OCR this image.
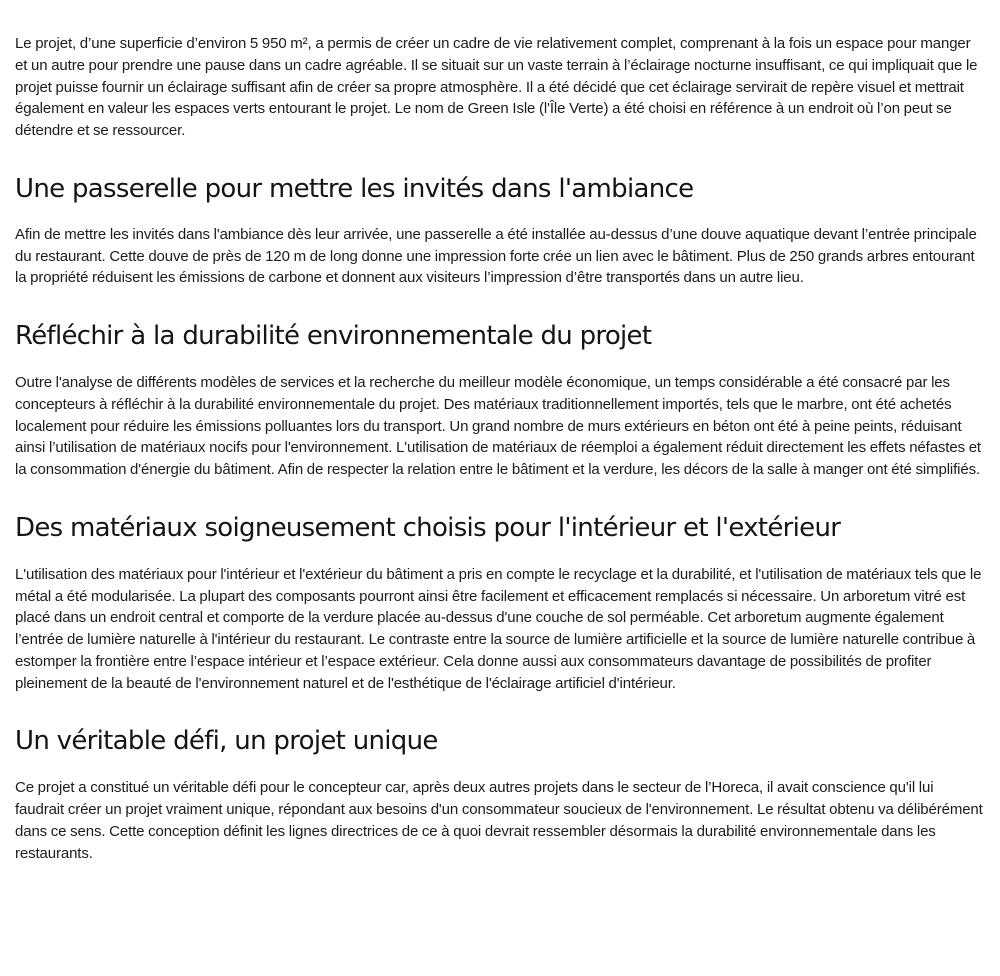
Le projet, d’une superficie d’environ 5 950 m², a permis de créer un cadre de vie relativement complet, comprenant à la fois un espace pour manger et un autre pour prendre une pause dans un cadre agréable. Il se situait sur un vaste terrain à l’éclairage nocturne insuffisant, ce qui impliquait que le projet puisse fournir un éclairage suffisant afin de créer sa propre atmosphère. Il a été décidé que cet éclairage servirait de repère visuel et mettrait également en valeur les espaces verts entourant le projet. Le nom de Green Isle (l'Île Verte) a été choisi en référence à un endroit où l’on peut se détendre et se ressourcer.

Une passerelle pour mettre les invités dans l'ambiance

Afin de mettre les invités dans l'ambiance dès leur arrivée, une passerelle a été installée au-dessus d’une douve aquatique devant l’entrée principale du restaurant. Cette douve de près de 120 m de long donne une impression forte crée un lien avec le bâtiment. Plus de 250 grands arbres entourant la propriété réduisent les émissions de carbone et donnent aux visiteurs l’impression d’être transportés dans un autre lieu.

Réfléchir à la durabilité environnementale du projet

Outre l'analyse de différents modèles de services et la recherche du meilleur modèle économique, un temps considérable a été consacré par les concepteurs à réfléchir à la durabilité environnementale du projet. Des matériaux traditionnellement importés, tels que le marbre, ont été achetés localement pour réduire les émissions polluantes lors du transport. Un grand nombre de murs extérieurs en béton ont été à peine peints, réduisant ainsi l’utilisation de matériaux nocifs pour l'environnement. L'utilisation de matériaux de réemploi a également réduit directement les effets néfastes et la consommation d'énergie du bâtiment. Afin de respecter la relation entre le bâtiment et la verdure, les décors de la salle à manger ont été simplifiés.

Des matériaux soigneusement choisis pour l'intérieur et l'extérieur

L'utilisation des matériaux pour l'intérieur et l'extérieur du bâtiment a pris en compte le recyclage et la durabilité, et l'utilisation de matériaux tels que le métal a été modularisée. La plupart des composants pourront ainsi être facilement et efficacement remplacés si nécessaire. Un arboretum vitré est placé dans un endroit central et comporte de la verdure placée au-dessus d'une couche de sol perméable. Cet arboretum augmente également l’entrée de lumière naturelle à l'intérieur du restaurant. Le contraste entre la source de lumière artificielle et la source de lumière naturelle contribue à estomper la frontière entre l’espace intérieur et l’espace extérieur. Cela donne aussi aux consommateurs davantage de possibilités de profiter pleinement de la beauté de l'environnement naturel et de l'esthétique de l'éclairage artificiel d'intérieur.

Un véritable défi, un projet unique

Ce projet a constitué un véritable défi pour le concepteur car, après deux autres projets dans le secteur de l’Horeca, il avait conscience qu'il lui faudrait créer un projet vraiment unique, répondant aux besoins d'un consommateur soucieux de l'environnement. Le résultat obtenu va délibérément dans ce sens. Cette conception définit les lignes directrices de ce à quoi devrait ressembler désormais la durabilité environnementale dans les restaurants.
